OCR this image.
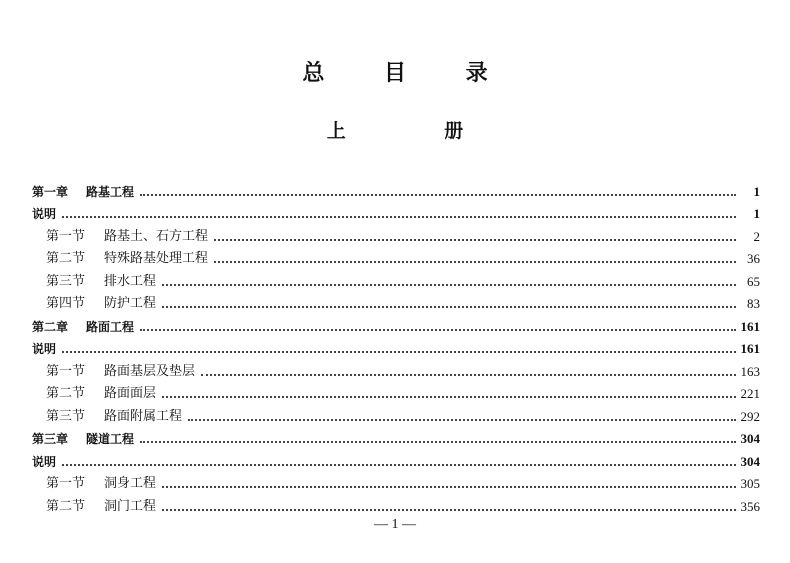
总 目 录
上 册
第一章	路基工程	1
说明	1
第一节	路基土、石方工程	2
第二节	特殊路基处理工程	36
第三节	排水工程	65
第四节	防护工程	83
第二章	路面工程	161
说明	161
第一节	路面基层及垫层	163
第二节	路面面层	221
第三节	路面附属工程	292
第三章	隧道工程	304
说明	304
第一节	洞身工程	305
第二节	洞门工程	356
— 1 —
